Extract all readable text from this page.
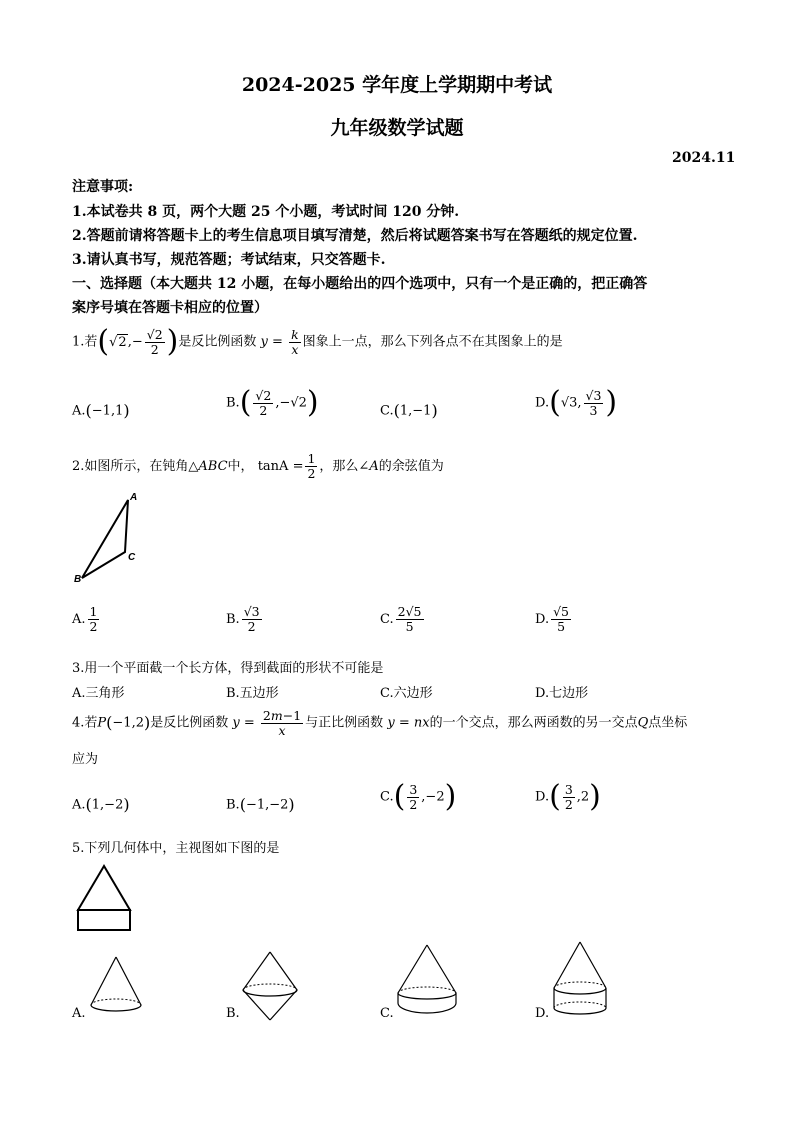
2024-2025 学年度上学期期中考试
九年级数学试题
2024.11
注意事项:
1.本试卷共 8 页，两个大题 25 个小题，考试时间 120 分钟.
2.答题前请将答题卡上的考生信息项目填写清楚，然后将试题答案书写在答题纸的规定位置.
3.请认真书写，规范答题；考试结束，只交答题卡.
一、选择题（本大题共 12 小题，在每小题给出的四个选项中，只有一个是正确的，把正确答
案序号填在答题卡相应的位置）
1.若($√2,- \frac{√2}{2}$ )是反比例函数 $y = \frac{k}{x}$ 图象上一点，那么下列各点不在其图象上的是
A.(−1,1)	$B.( \frac{√2}{2} ,-√2)$	C.(1,−1)	D.(√3, $\frac{√3}{3}$ )
2.如图所示，在钝角△ABC中， $\tan A = \frac{1}{2}$ ，那么∠A的余弦值为
A
C
B
A. $\frac{1}{2}$	B. $\frac{√3}{2}$	C. $\frac{2√5}{5}$	D. $\frac{√5}{5}$
3.用一个平面截一个长方体，得到截面的形状不可能是
A.三角形	B.五边形	C.六边形	D.七边形
4.若P(−1,2)是反比例函数 $y = \frac{2m-1}{x}$ 与正比例函数 y = nx的一个交点，那么两函数的另一交点Q点坐标
应为
A.(1,−2)	B.(−1,−2)	$C.( \frac{3}{2} ,-2)$	$D.( \frac{3}{2} ,2)$
5.下列几何体中，主视图如下图的是
A.	B.	C.	D.
